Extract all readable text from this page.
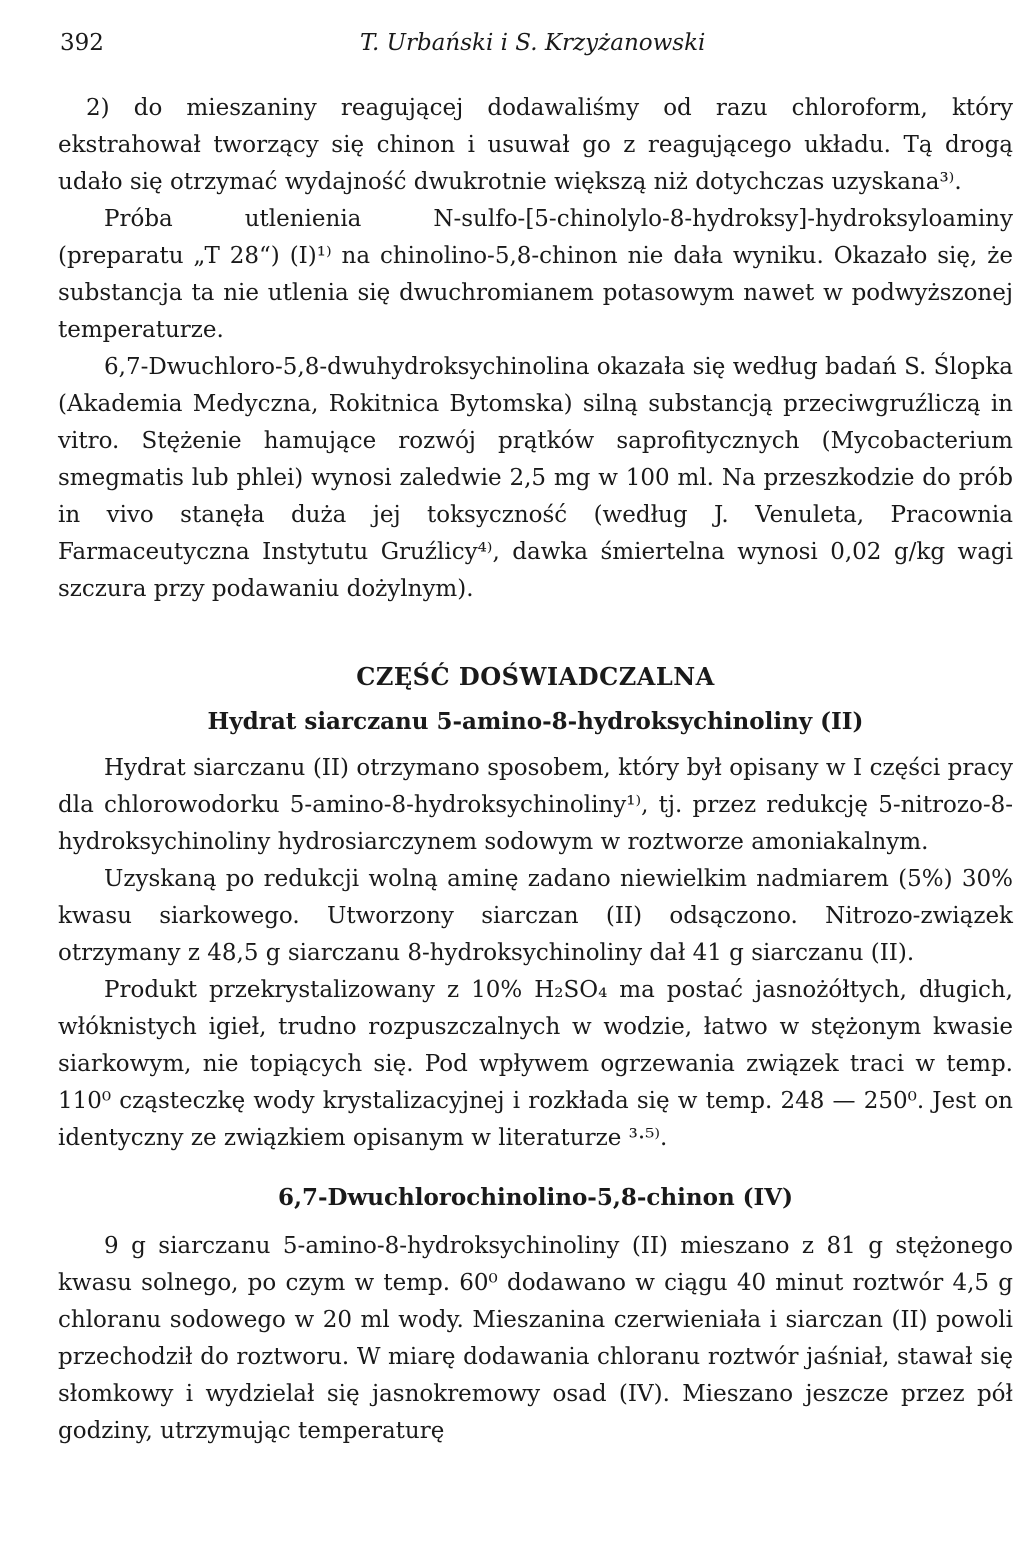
392	T. Urbański i S. Krzyżanowski

2) do mieszaniny reagującej dodawaliśmy od razu chloroform, który ekstrahował tworzący się chinon i usuwał go z reagującego układu. Tą drogą udało się otrzymać wydajność dwukrotnie większą niż dotychczas uzyskana³⁾.

Próba utlenienia N-sulfo-[5-chinolylo-8-hydroksy]-hydroksyloaminy (preparatu „T 28“) (I)¹⁾ na chinolino-5,8-chinon nie dała wyniku. Okazało się, że substancja ta nie utlenia się dwuchromianem potasowym nawet w podwyższonej temperaturze.

6,7-Dwuchloro-5,8-dwuhydroksychinolina okazała się według badań S. Ślopka (Akademia Medyczna, Rokitnica Bytomska) silną substancją przeciwgruźliczą in vitro. Stężenie hamujące rozwój prątków saprofitycznych (Mycobacterium smegmatis lub phlei) wynosi zaledwie 2,5 mg w 100 ml. Na przeszkodzie do prób in vivo stanęła duża jej toksyczność (według J. Venuleta, Pracownia Farmaceutyczna Instytutu Gruźlicy⁴⁾, dawka śmiertelna wynosi 0,02 g/kg wagi szczura przy podawaniu dożylnym).

CZĘŚĆ DOŚWIADCZALNA
Hydrat siarczanu 5-amino-8-hydroksychinoliny (II)

Hydrat siarczanu (II) otrzymano sposobem, który był opisany w I części pracy dla chlorowodorku 5-amino-8-hydroksychinoliny¹⁾, tj. przez redukcję 5-nitrozo-8-hydroksychinoliny hydrosiarczynem sodowym w roztworze amoniakalnym.

Uzyskaną po redukcji wolną aminę zadano niewielkim nadmiarem (5%) 30% kwasu siarkowego. Utworzony siarczan (II) odsączono. Nitrozo-związek otrzymany z 48,5 g siarczanu 8-hydroksychinoliny dał 41 g siarczanu (II).

Produkt przekrystalizowany z 10% H₂SO₄ ma postać jasnożółtych, długich, włóknistych igieł, trudno rozpuszczalnych w wodzie, łatwo w stężonym kwasie siarkowym, nie topiących się. Pod wpływem ogrzewania związek traci w temp. 110⁰ cząsteczkę wody krystalizacyjnej i rozkłada się w temp. 248 — 250⁰. Jest on identyczny ze związkiem opisanym w literaturze ³·⁵⁾.

6,7-Dwuchlorochinolino-5,8-chinon (IV)

9 g siarczanu 5-amino-8-hydroksychinoliny (II) mieszano z 81 g stężonego kwasu solnego, po czym w temp. 60⁰ dodawano w ciągu 40 minut roztwór 4,5 g chloranu sodowego w 20 ml wody. Mieszanina czerwieniała i siarczan (II) powoli przechodził do roztworu. W miarę dodawania chloranu roztwór jaśniał, stawał się słomkowy i wydzielał się jasnokremowy osad (IV). Mieszano jeszcze przez pół godziny, utrzymując temperaturę
